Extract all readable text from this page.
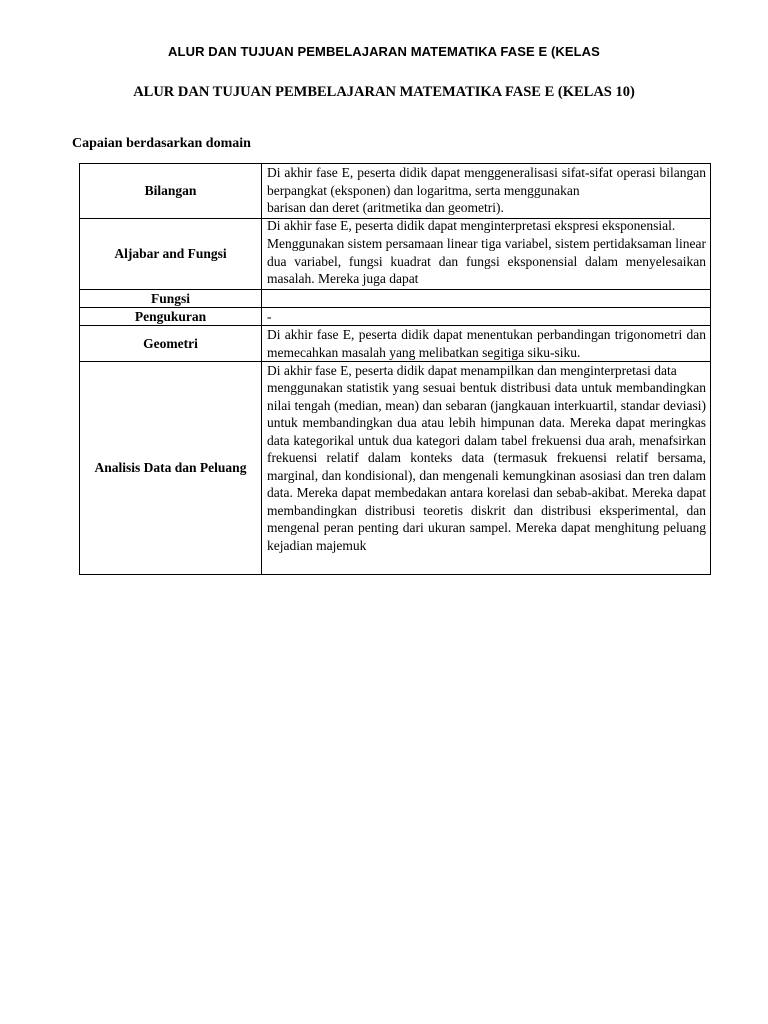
ALUR DAN TUJUAN PEMBELAJARAN MATEMATIKA FASE E (KELAS
ALUR DAN TUJUAN PEMBELAJARAN MATEMATIKA FASE E (KELAS 10)
Capaian berdasarkan domain
Bilangan	Di akhir fase E, peserta didik dapat menggeneralisasi sifat-sifat operasi bilangan berpangkat (eksponen) dan logaritma, serta menggunakan

barisan dan deret (aritmetika dan geometri).

Aljabar and Fungsi	Di akhir fase E, peserta didik dapat menginterpretasi ekspresi eksponensial.

Menggunakan sistem persamaan linear tiga variabel, sistem pertidaksaman linear dua variabel, fungsi kuadrat dan fungsi eksponensial dalam menyelesaikan masalah. Mereka juga dapat

Fungsi	

Pengukuran	-

Geometri	Di akhir fase E, peserta didik dapat menentukan perbandingan trigonometri dan memecahkan masalah yang melibatkan segitiga siku-siku.

Analisis Data dan Peluang	Di akhir fase E, peserta didik dapat menampilkan dan menginterpretasi data

menggunakan statistik yang sesuai bentuk distribusi data untuk membandingkan nilai tengah (median, mean) dan sebaran (jangkauan interkuartil, standar deviasi) untuk membandingkan dua atau lebih himpunan data. Mereka dapat meringkas data kategorikal untuk dua kategori dalam tabel frekuensi dua arah, menafsirkan frekuensi relatif dalam konteks data (termasuk frekuensi relatif bersama, marginal, dan kondisional), dan mengenali kemungkinan asosiasi dan tren dalam data. Mereka dapat membedakan antara korelasi dan sebab-akibat. Mereka dapat membandingkan distribusi teoretis diskrit dan distribusi eksperimental, dan mengenal peran penting dari ukuran sampel. Mereka dapat menghitung peluang kejadian majemuk
